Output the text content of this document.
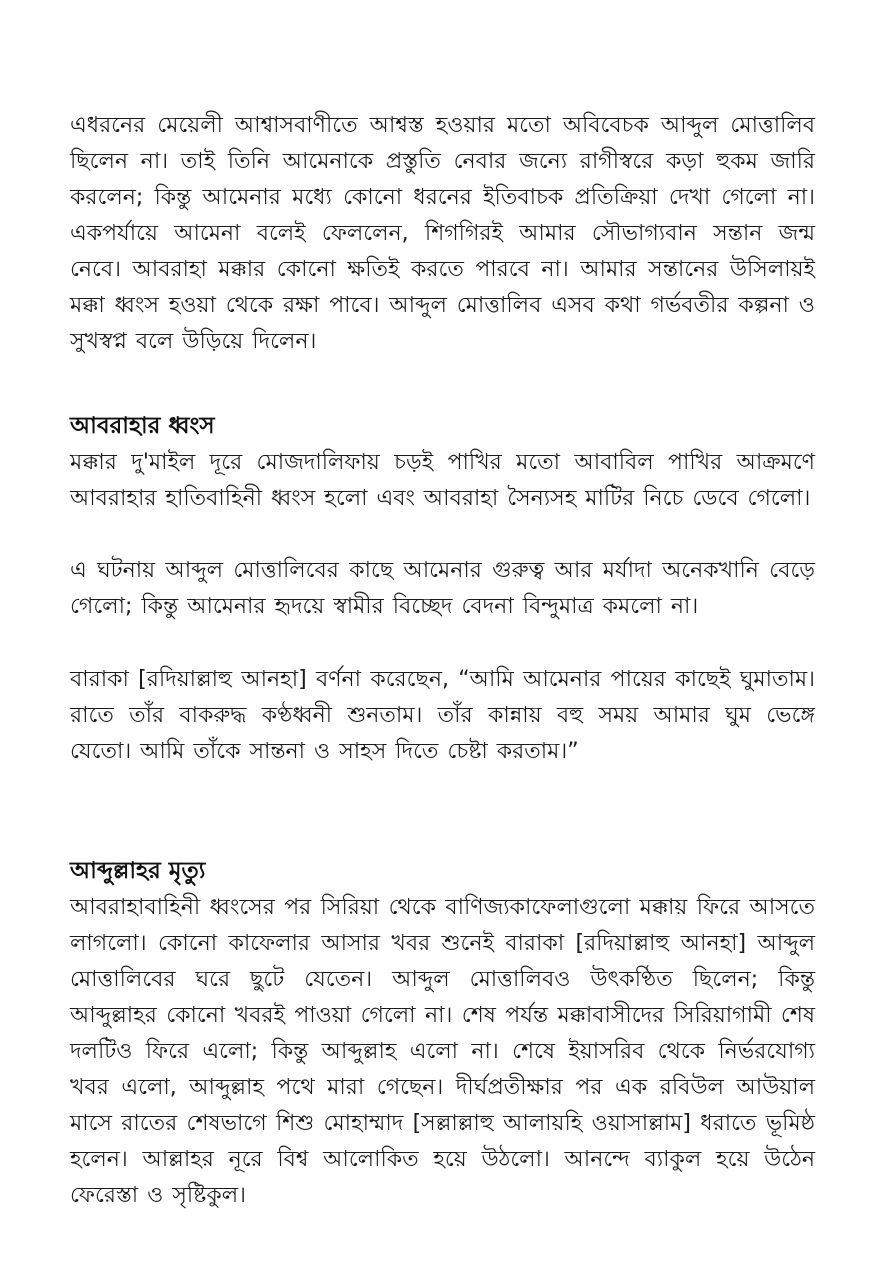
এধরনের মেয়েলী আশ্বাসবাণীতে আশ্বস্ত হওয়ার মতো অবিবেচক আব্দুল মোত্তালিব ছিলেন না। তাই তিনি আমেনাকে প্রস্তুতি নেবার জন্যে রাগীস্বরে কড়া হুকম জারি করলেন; কিন্তু আমেনার মধ্যে কোনো ধরনের ইতিবাচক প্রতিক্রিয়া দেখা গেলো না। একপর্যায়ে আমেনা বলেই ফেললেন, শিগগিরই আমার সৌভাগ্যবান সন্তান জন্ম নেবে। আবরাহা মক্কার কোনো ক্ষতিই করতে পারবে না। আমার সন্তানের উসিলায়ই মক্কা ধ্বংস হওয়া থেকে রক্ষা পাবে। আব্দুল মোত্তালিব এসব কথা গর্ভবতীর কল্পনা ও সুখস্বপ্ন বলে উড়িয়ে দিলেন।

আবরাহার ধ্বংস

মক্কার দু'মাইল দূরে মোজদালিফায় চড়ই পাখির মতো আবাবিল পাখির আক্রমণে আবরাহার হাতিবাহিনী ধ্বংস হলো এবং আবরাহা সৈন্যসহ মাটির নিচে ডেবে গেলো।

এ ঘটনায় আব্দুল মোত্তালিবের কাছে আমেনার গুরুত্ব আর মর্যাদা অনেকখানি বেড়ে গেলো; কিন্তু আমেনার হৃদয়ে স্বামীর বিচ্ছেদ বেদনা বিন্দুমাত্র কমলো না।

বারাকা [রদিয়াল্লাহু আনহা] বর্ণনা করেছেন, “আমি আমেনার পায়ের কাছেই ঘুমাতাম। রাতে তাঁর বাকরুদ্ধ কণ্ঠধ্বনী শুনতাম। তাঁর কান্নায় বহু সময় আমার ঘুম ভেঙ্গে যেতো। আমি তাঁকে সান্তনা ও সাহস দিতে চেষ্টা করতাম।”

আব্দুল্লাহর মৃত্যু

আবরাহাবাহিনী ধ্বংসের পর সিরিয়া থেকে বাণিজ্যকাফেলাগুলো মক্কায় ফিরে আসতে লাগলো। কোনো কাফেলার আসার খবর শুনেই বারাকা [রদিয়াল্লাহু আনহা] আব্দুল মোত্তালিবের ঘরে ছুটে যেতেন। আব্দুল মোত্তালিবও উৎকণ্ঠিত ছিলেন; কিন্তু আব্দুল্লাহর কোনো খবরই পাওয়া গেলো না। শেষ পর্যন্ত মক্কাবাসীদের সিরিয়াগামী শেষ দলটিও ফিরে এলো; কিন্তু আব্দুল্লাহ এলো না। শেষে ইয়াসরিব থেকে নির্ভরযোগ্য খবর এলো, আব্দুল্লাহ পথে মারা গেছেন। দীর্ঘপ্রতীক্ষার পর এক রবিউল আউয়াল মাসে রাতের শেষভাগে শিশু মোহাম্মাদ [সল্লাল্লাহু আলায়হি ওয়াসাল্লাম] ধরাতে ভূমিষ্ঠ হলেন। আল্লাহর নূরে বিশ্ব আলোকিত হয়ে উঠলো। আনন্দে ব্যাকুল হয়ে উঠেন ফেরেস্তা ও সৃষ্টিকুল।
